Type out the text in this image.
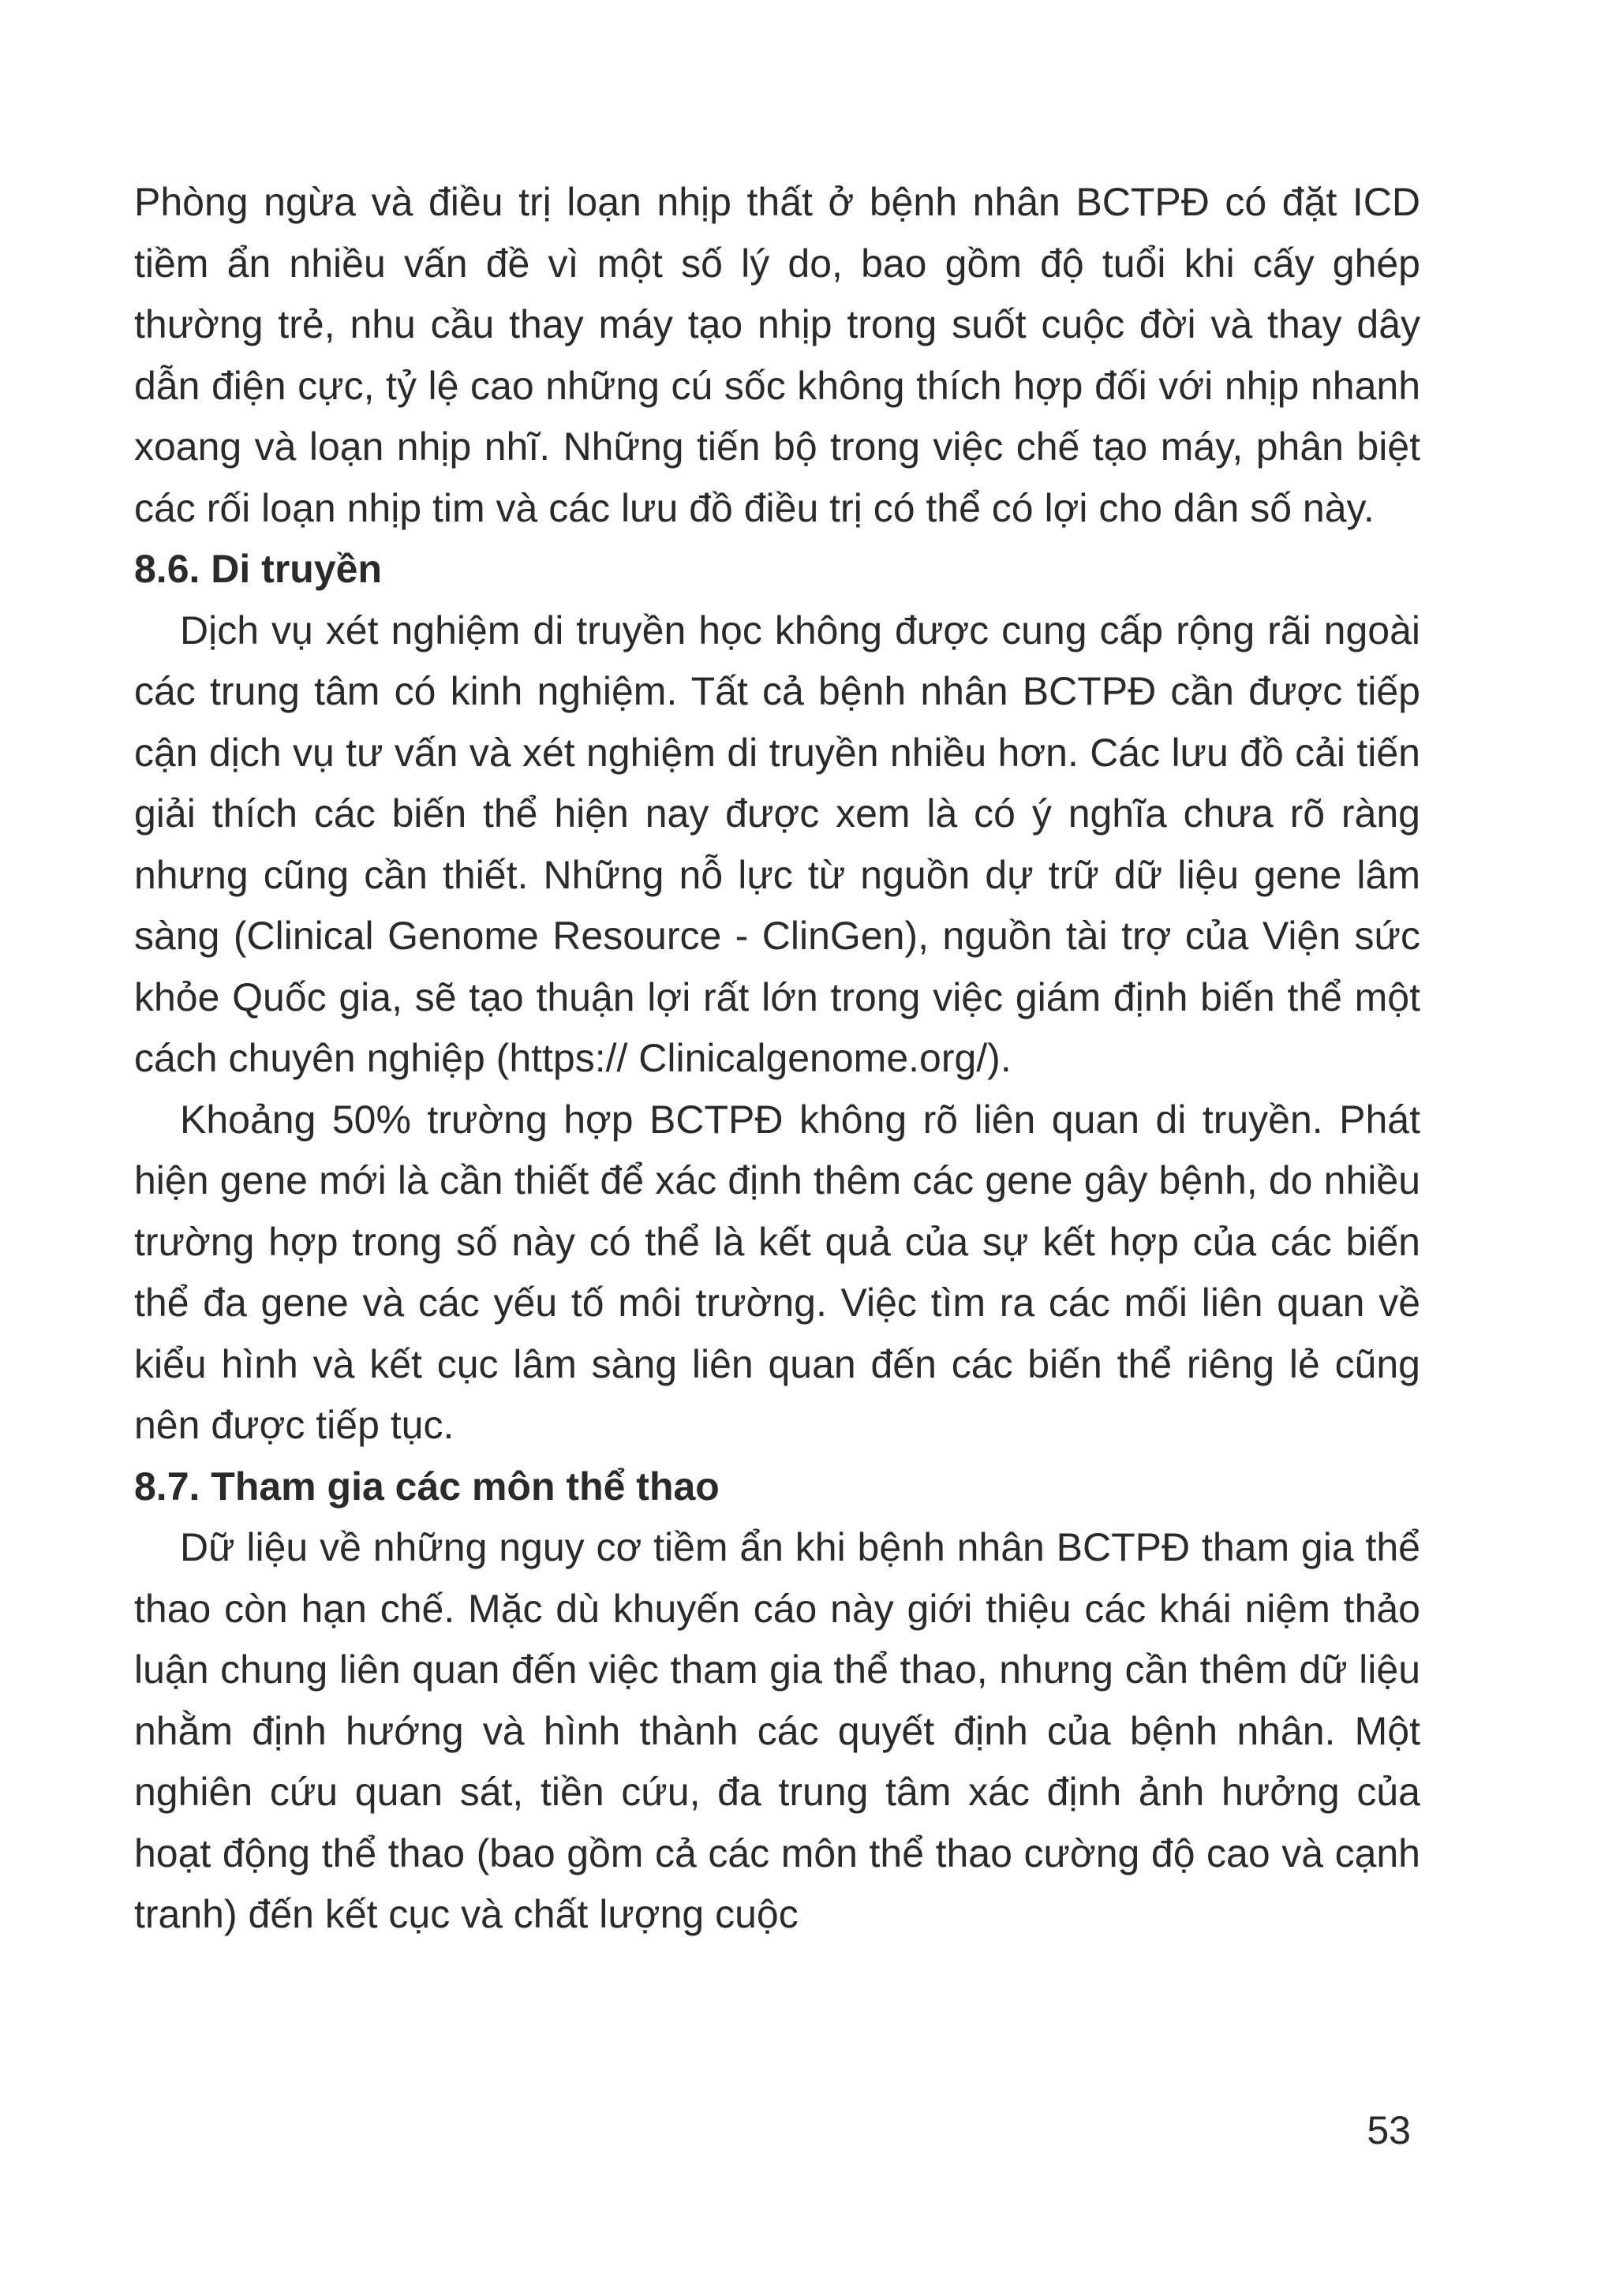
Phòng ngừa và điều trị loạn nhịp thất ở bệnh nhân BCTPĐ có đặt ICD tiềm ẩn nhiều vấn đề vì một số lý do, bao gồm độ tuổi khi cấy ghép thường trẻ, nhu cầu thay máy tạo nhịp trong suốt cuộc đời và thay dây dẫn điện cực, tỷ lệ cao những cú sốc không thích hợp đối với nhịp nhanh xoang và loạn nhịp nhĩ. Những tiến bộ trong việc chế tạo máy, phân biệt các rối loạn nhịp tim và các lưu đồ điều trị có thể có lợi cho dân số này.

8.6. Di truyền

Dịch vụ xét nghiệm di truyền học không được cung cấp rộng rãi ngoài các trung tâm có kinh nghiệm. Tất cả bệnh nhân BCTPĐ cần được tiếp cận dịch vụ tư vấn và xét nghiệm di truyền nhiều hơn. Các lưu đồ cải tiến giải thích các biến thể hiện nay được xem là có ý nghĩa chưa rõ ràng nhưng cũng cần thiết. Những nỗ lực từ nguồn dự trữ dữ liệu gene lâm sàng (Clinical Genome Resource - ClinGen), nguồn tài trợ của Viện sức khỏe Quốc gia, sẽ tạo thuận lợi rất lớn trong việc giám định biến thể một cách chuyên nghiệp (https:// Clinicalgenome.org/).

Khoảng 50% trường hợp BCTPĐ không rõ liên quan di truyền. Phát hiện gene mới là cần thiết để xác định thêm các gene gây bệnh, do nhiều trường hợp trong số này có thể là kết quả của sự kết hợp của các biến thể đa gene và các yếu tố môi trường. Việc tìm ra các mối liên quan về kiểu hình và kết cục lâm sàng liên quan đến các biến thể riêng lẻ cũng nên được tiếp tục.

8.7. Tham gia các môn thể thao

Dữ liệu về những nguy cơ tiềm ẩn khi bệnh nhân BCTPĐ tham gia thể thao còn hạn chế. Mặc dù khuyến cáo này giới thiệu các khái niệm thảo luận chung liên quan đến việc tham gia thể thao, nhưng cần thêm dữ liệu nhằm định hướng và hình thành các quyết định của bệnh nhân. Một nghiên cứu quan sát, tiền cứu, đa trung tâm xác định ảnh hưởng của hoạt động thể thao (bao gồm cả các môn thể thao cường độ cao và cạnh tranh) đến kết cục và chất lượng cuộc

53
